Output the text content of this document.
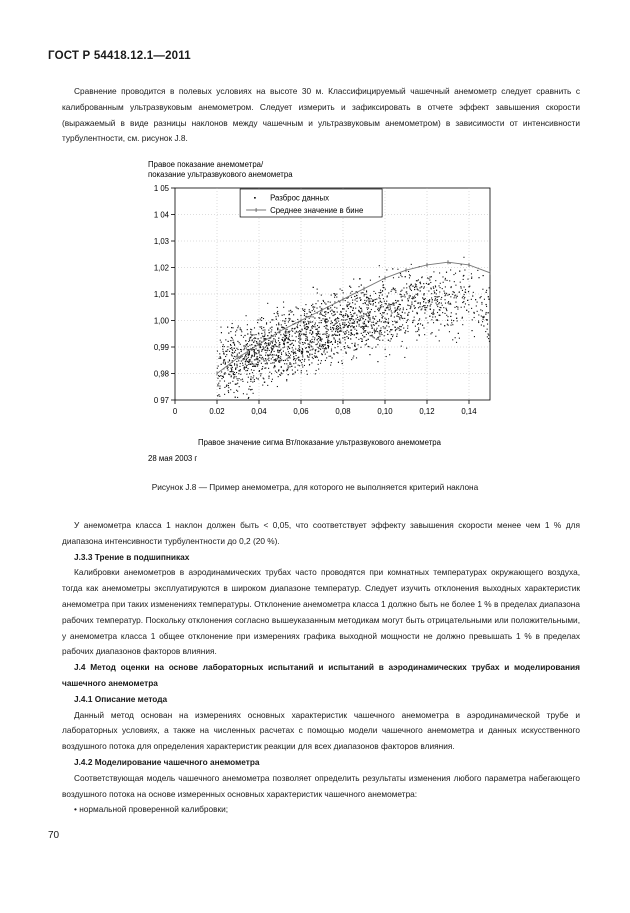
ГОСТ Р 54418.12.1—2011
Сравнение проводится в полевых условиях на высоте 30 м. Классифицируемый чашечный анемометр следует сравнить с калиброванным ультразвуковым анемометром. Следует измерить и зафиксировать в отчете эффект завышения скорости (выражаемый в виде разницы наклонов между чашечным и ультразвуковым анемометром) в зависимости от интенсивности турбулентности, см. рисунок J.8.
Правое показание анемометра/
показание ультразвукового анемометра
0 97
0,98
0,99
1,00
1,01
1,02
1,03
1 04
1 05
0	0.02	0,04	0,06	0,08	0,10	0,12	0,14
Разброс данных
Среднее значение в бине
Правое значение сигма Вт/показание ультразвукового анемометра
28 мая 2003 г
Рисунок J.8 — Пример анемометра, для которого не выполняется критерий наклона

У анемометра класса 1 наклон должен быть < 0,05, что соответствует эффекту завышения скорости менее чем 1 % для диапазона интенсивности турбулентности до 0,2 (20 %).

J.3.3 Трение в подшипниках

Калибровки анемометров в аэродинамических трубах часто проводятся при комнатных температурах окружающего воздуха, тогда как анемометры эксплуатируются в широком диапазоне температур. Следует изучить отклонения выходных характеристик анемометра при таких изменениях температуры. Отклонение анемометра класса 1 должно быть не более 1 % в пределах диапазона рабочих температур. Поскольку отклонения согласно вышеуказанным методикам могут быть отрицательными или положительными, у анемометра класса 1 общее отклонение при измерениях графика выходной мощности не должно превышать 1 % в пределах рабочих диапазонов факторов влияния.

J.4 Метод оценки на основе лабораторных испытаний и испытаний в аэродинамических трубах и моделирования чашечного анемометра

J.4.1 Описание метода

Данный метод основан на измерениях основных характеристик чашечного анемометра в аэродинамической трубе и лабораторных условиях, а также на численных расчетах с помощью модели чашечного анемометра и данных искусственного воздушного потока для определения характеристик реакции для всех диапазонов факторов влияния.

J.4.2 Моделирование чашечного анемометра

Соответствующая модель чашечного анемометра позволяет определить результаты изменения любого параметра набегающего воздушного потока на основе измеренных основных характеристик чашечного анемометра:

• нормальной проверенной калибровки;

70
